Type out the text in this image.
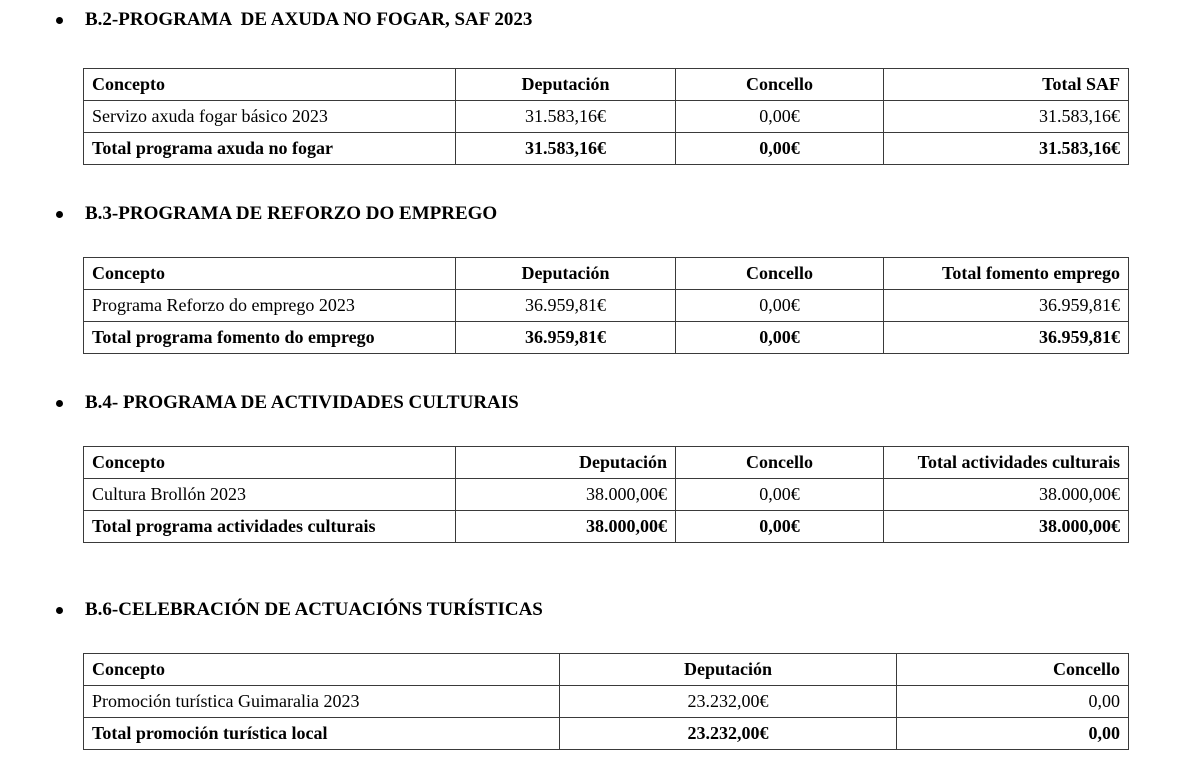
B.2-PROGRAMA  DE AXUDA NO FOGAR, SAF 2023
Concepto	Deputación	Concello	Total SAF
Servizo axuda fogar básico 2023	31.583,16€	0,00€	31.583,16€
Total programa axuda no fogar	31.583,16€	0,00€	31.583,16€
B.3-PROGRAMA DE REFORZO DO EMPREGO
Concepto	Deputación	Concello	Total fomento emprego
Programa Reforzo do emprego 2023	36.959,81€	0,00€	36.959,81€
Total programa fomento do emprego	36.959,81€	0,00€	36.959,81€
B.4- PROGRAMA DE ACTIVIDADES CULTURAIS
Concepto	Deputación	Concello	Total actividades culturais
Cultura Brollón 2023	38.000,00€	0,00€	38.000,00€
Total programa actividades culturais	38.000,00€	0,00€	38.000,00€
B.6-CELEBRACIÓN DE ACTUACIÓNS TURÍSTICAS
Concepto	Deputación	Concello
Promoción turística Guimaralia 2023	23.232,00€	0,00
Total promoción turística local	23.232,00€	0,00
